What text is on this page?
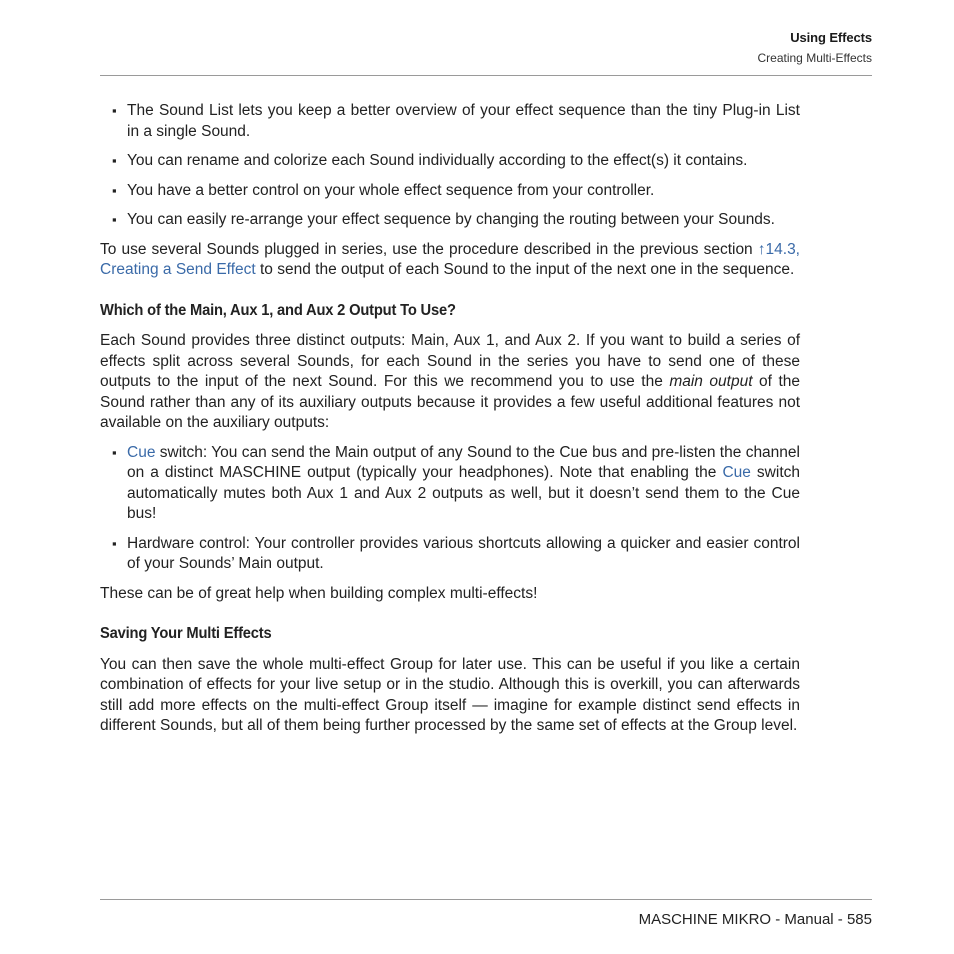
Using Effects
Creating Multi-Effects
▪ The Sound List lets you keep a better overview of your effect sequence than the tiny Plug-in List in a single Sound.
▪ You can rename and colorize each Sound individually according to the effect(s) it contains.
▪ You have a better control on your whole effect sequence from your controller.
▪ You can easily re-arrange your effect sequence by changing the routing between your Sounds.

To use several Sounds plugged in series, use the procedure described in the previous section ↑14.3, Creating a Send Effect to send the output of each Sound to the input of the next one in the sequence.

Which of the Main, Aux 1, and Aux 2 Output To Use?

Each Sound provides three distinct outputs: Main, Aux 1, and Aux 2. If you want to build a series of effects split across several Sounds, for each Sound in the series you have to send one of these outputs to the input of the next Sound. For this we recommend you to use the main output of the Sound rather than any of its auxiliary outputs because it provides a few useful additional features not available on the auxiliary outputs:

▪ Cue switch: You can send the Main output of any Sound to the Cue bus and pre-listen the channel on a distinct MASCHINE output (typically your headphones). Note that enabling the Cue switch automatically mutes both Aux 1 and Aux 2 outputs as well, but it doesn’t send them to the Cue bus!
▪ Hardware control: Your controller provides various shortcuts allowing a quicker and easier control of your Sounds’ Main output.

These can be of great help when building complex multi-effects!

Saving Your Multi Effects

You can then save the whole multi-effect Group for later use. This can be useful if you like a certain combination of effects for your live setup or in the studio. Although this is overkill, you can afterwards still add more effects on the multi-effect Group itself — imagine for example distinct send effects in different Sounds, but all of them being further processed by the same set of effects at the Group level.

MASCHINE MIKRO - Manual - 585
